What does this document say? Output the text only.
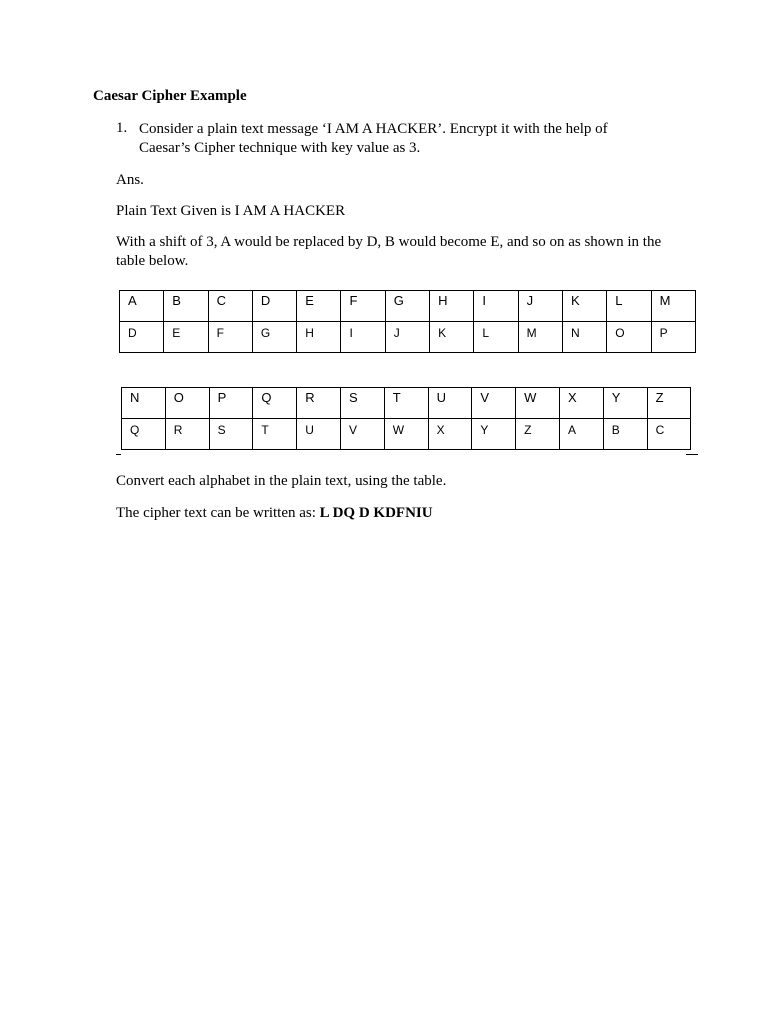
Caesar Cipher Example
1. Consider a plain text message ‘I AM A HACKER’. Encrypt it with the help of Caesar’s Cipher technique with key value as 3.
Ans.
Plain Text Given is I AM A HACKER
With a shift of 3, A would be replaced by D, B would become E, and so on as shown in the table below.
A	B	C	D	E	F	G	H	I	J	K	L	M
D	E	F	G	H	I	J	K	L	M	N	O	P
N	O	P	Q	R	S	T	U	V	W	X	Y	Z
Q	R	S	T	U	V	W	X	Y	Z	A	B	C
Convert each alphabet in the plain text, using the table.
The cipher text can be written as: L DQ D KDFNIU
